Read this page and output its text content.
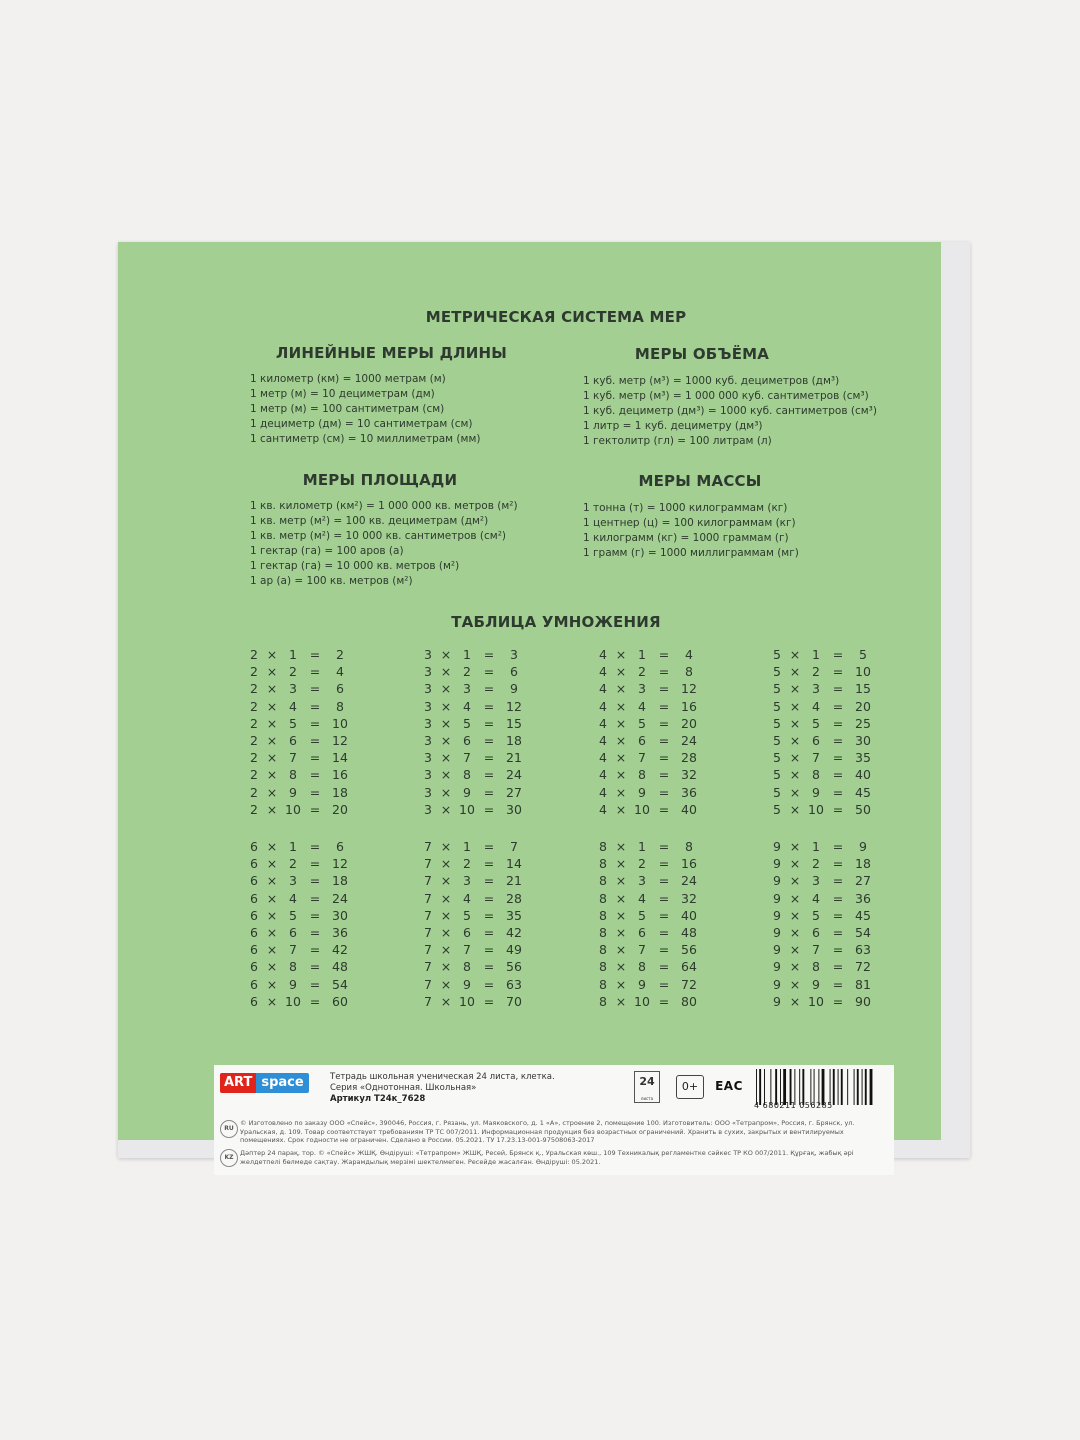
МЕТРИЧЕСКАЯ СИСТЕМА МЕР
ЛИНЕЙНЫЕ МЕРЫ ДЛИНЫ
1 километр (км) = 1000 метрам (м)
1 метр (м) = 10 дециметрам (дм)
1 метр (м) = 100 сантиметрам (см)
1 дециметр (дм) = 10 сантиметрам (см)
1 сантиметр (см) = 10 миллиметрам (мм)
МЕРЫ ОБЪЁМА
1 куб. метр (м³) = 1000 куб. дециметров (дм³)
1 куб. метр (м³) = 1 000 000 куб. сантиметров (см³)
1 куб. дециметр (дм³) = 1000 куб. сантиметров (см³)
1 литр = 1 куб. дециметру (дм³)
1 гектолитр (гл) = 100 литрам (л)
МЕРЫ ПЛОЩАДИ
1 кв. километр (км²) = 1 000 000 кв. метров (м²)
1 кв. метр (м²) = 100 кв. дециметрам (дм²)
1 кв. метр (м²) = 10 000 кв. сантиметров (см²)
1 гектар (га) = 100 аров (а)
1 гектар (га) = 10 000 кв. метров (м²)
1 ар (а) = 100 кв. метров (м²)
МЕРЫ МАССЫ
1 тонна (т) = 1000 килограммам (кг)
1 центнер (ц) = 100 килограммам (кг)
1 килограмм (кг) = 1000 граммам (г)
1 грамм (г) = 1000 миллиграммам (мг)
ТАБЛИЦА УМНОЖЕНИЯ
2 × 1	=	2
2 × 2	=	4
2 × 3	=	6
2 × 4	=	8
2 × 5	= 10
2 × 6	= 12
2 × 7	= 14
2 × 8	= 16
2 × 9	= 18
2 × 10 = 20
3 × 1	=	3
3 × 2	=	6
3 × 3	=	9
3 × 4	= 12
3 × 5	= 15
3 × 6	= 18
3 × 7	= 21
3 × 8	= 24
3 × 9	= 27
3 × 10 = 30
4 × 1	=	4
4 × 2	=	8
4 × 3	= 12
4 × 4	= 16
4 × 5	= 20
4 × 6	= 24
4 × 7	= 28
4 × 8	= 32
4 × 9	= 36
4 × 10 = 40
5 × 1	=	5
5 × 2	= 10
5 × 3	= 15
5 × 4	= 20
5 × 5	= 25
5 × 6	= 30
5 × 7	= 35
5 × 8	= 40
5 × 9	= 45
5 × 10 = 50
6 × 1	=	6
6 × 2	= 12
6 × 3	= 18
6 × 4	= 24
6 × 5	= 30
6 × 6	= 36
6 × 7	= 42
6 × 8	= 48
6 × 9	= 54
6 × 10 = 60
7 × 1	=	7
7 × 2	= 14
7 × 3	= 21
7 × 4	= 28
7 × 5	= 35
7 × 6	= 42
7 × 7	= 49
7 × 8	= 56
7 × 9	= 63
7 × 10 = 70
8 × 1	=	8
8 × 2	= 16
8 × 3	= 24
8 × 4	= 32
8 × 5	= 40
8 × 6	= 48
8 × 7	= 56
8 × 8	= 64
8 × 9	= 72
8 × 10 = 80
9 × 1	=	9
9 × 2	= 18
9 × 3	= 27
9 × 4	= 36
9 × 5	= 45
9 × 6	= 54
9 × 7	= 63
9 × 8	= 72
9 × 9	= 81
9 × 10 = 90
ART space	Тетрадь школьная ученическая 24 листа, клетка.
Серия «Однотонная. Школьная»
Артикул Т24к_7628
24
листа
0+	EAC
4 680211 056285
RU
© Изготовлено по заказу ООО «Спейс», 390046, Россия, г. Рязань, ул. Маяковского, д. 1 «А», строение 2, помещение 100. Изготовитель: ООО «Тетрапром», Россия, г. Брянск, ул. Уральская, д. 109. Товар соответствует требованиям ТР ТС 007/2011. Информационная продукция без возрастных ограничений. Хранить в сухих, закрытых и вентилируемых помещениях. Срок годности не ограничен. Сделано в России. 05.2021. ТУ 17.23.13-001-97508063-2017
KZ
Дәптер 24 парақ, тор. © «Спейс» ЖШҚ. Өндіруші: «Тетрапром» ЖШҚ, Ресей, Брянск қ., Уральская көш., 109 Техникалық регламентке сәйкес ТР КО 007/2011. Құрғақ, жабық әрі желдетпелі бөлмеде сақтау. Жарамдылық мерзімі шектелмеген. Ресейде жасалған. Өндіруші: 05.2021.
